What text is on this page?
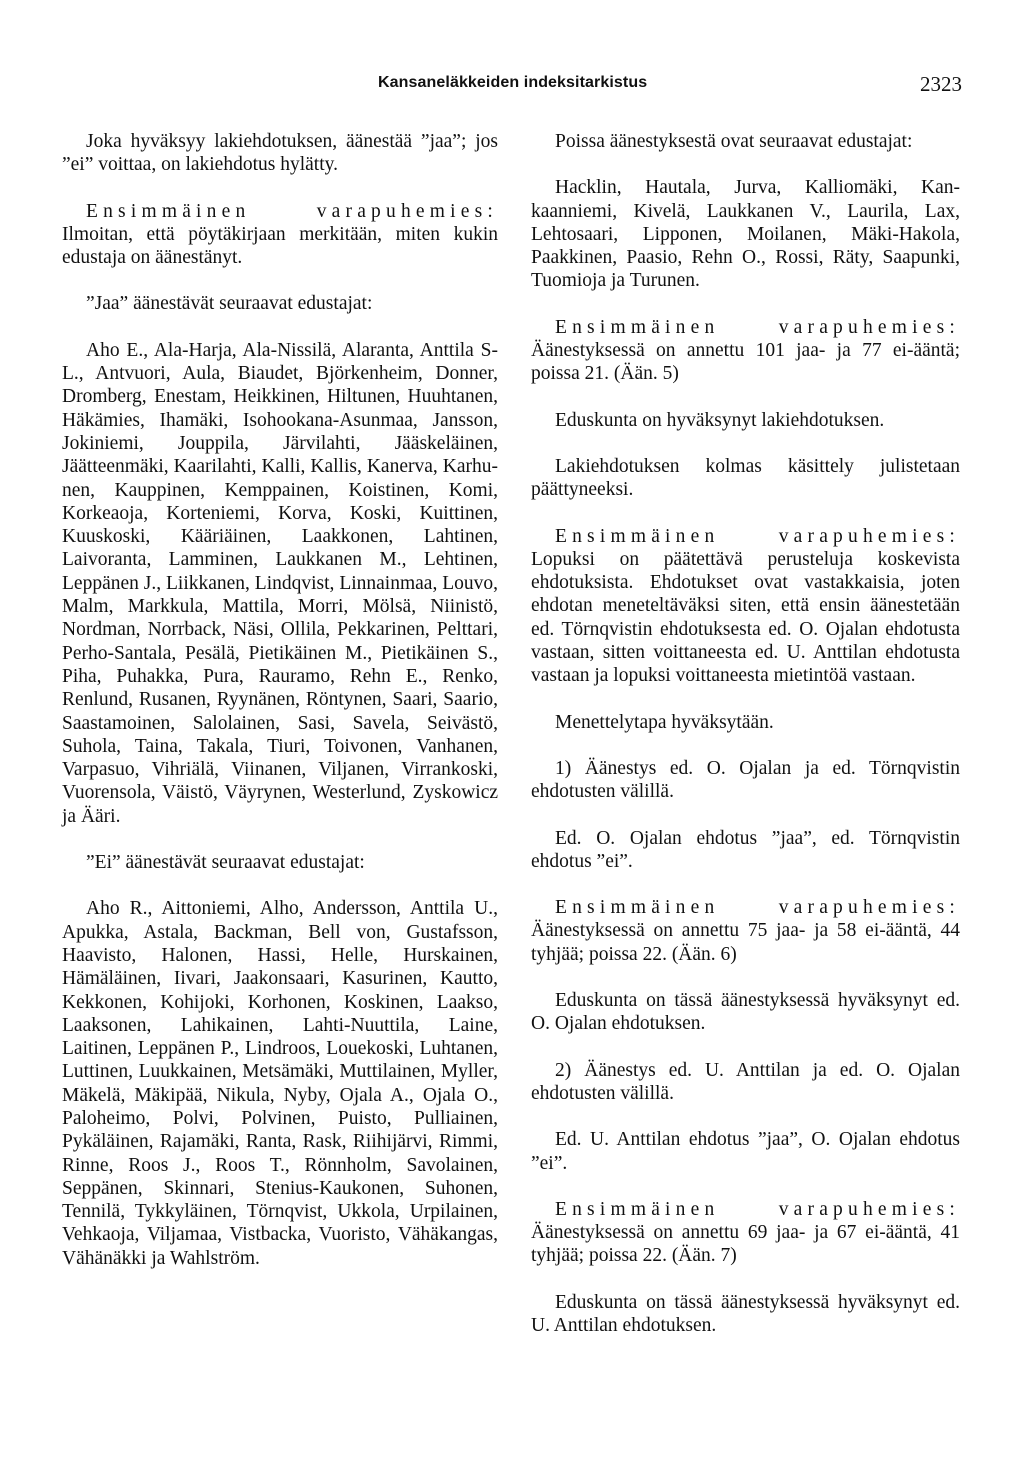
Kansaneläkkeiden indeksitarkistus	2323

Joka hyväksyy lakiehdotuksen, äänestää ”jaa”; jos ”ei” voittaa, on lakiehdotus hylätty.

Ensimmäinen varapuhemies: Ilmoitan, että pöytäkirjaan merkitään, miten kukin edustaja on äänestänyt.

”Jaa” äänestävät seuraavat edustajat:

Aho E., Ala-Harja, Ala-Nissilä, Alaranta, Anttila S-L., Antvuori, Aula, Biaudet, Björkenheim, Donner, Dromberg, Enestam, Heikkinen, Hiltunen, Huuhtanen, Häkämies, Ihamäki, Isohookana-Asunmaa, Jansson, Jokiniemi, Jouppila, Järvilahti, Jääskeläinen, Jäätteenmäki, Kaarilahti, Kalli, Kallis, Kanerva, Karhunen, Kauppinen, Kemppainen, Koistinen, Komi, Korkeaoja, Korteniemi, Korva, Koski, Kuittinen, Kuuskoski, Kääriäinen, Laakkonen, Lahtinen, Laivoranta, Lamminen, Laukkanen M., Lehtinen, Leppänen J., Liikkanen, Lindqvist, Linnainmaa, Louvo, Malm, Markkula, Mattila, Morri, Mölsä, Niinistö, Nordman, Norrback, Näsi, Ollila, Pekkarinen, Pelttari, Perho-Santala, Pesälä, Pietikäinen M., Pietikäinen S., Piha, Puhakka, Pura, Rauramo, Rehn E., Renko, Renlund, Rusanen, Ryynänen, Röntynen, Saari, Saario, Saastamoinen, Salolainen, Sasi, Savela, Seivästö, Suhola, Taina, Takala, Tiuri, Toivonen, Vanhanen, Varpasuo, Vihriälä, Viinanen, Viljanen, Virrankoski, Vuorensola, Väistö, Väyrynen, Westerlund, Zyskowicz ja Ääri.

”Ei” äänestävät seuraavat edustajat:

Aho R., Aittoniemi, Alho, Andersson, Anttila U., Apukka, Astala, Backman, Bell von, Gustafsson, Haavisto, Halonen, Hassi, Helle, Hurskainen, Hämäläinen, Iivari, Jaakonsaari, Kasurinen, Kautto, Kekkonen, Kohijoki, Korhonen, Koskinen, Laakso, Laaksonen, Lahikainen, Lahti-Nuuttila, Laine, Laitinen, Leppänen P., Lindroos, Louekoski, Luhtanen, Luttinen, Luukkainen, Metsämäki, Muttilainen, Myller, Mäkelä, Mäkipää, Nikula, Nyby, Ojala A., Ojala O., Paloheimo, Polvi, Polvinen, Puisto, Pulliainen, Pykäläinen, Rajamäki, Ranta, Rask, Riihijärvi, Rimmi, Rinne, Roos J., Roos T., Rönnholm, Savolainen, Seppänen, Skinnari, Stenius-Kaukonen, Suhonen, Tennilä, Tykkyläinen, Törnqvist, Ukkola, Urpilainen, Vehkaoja, Viljamaa, Vistbacka, Vuoristo, Vähäkangas, Vähänäkki ja Wahlström.

Poissa äänestyksestä ovat seuraavat edustajat:

Hacklin, Hautala, Jurva, Kalliomäki, Kankaanniemi, Kivelä, Laukkanen V., Laurila, Lax, Lehtosaari, Lipponen, Moilanen, Mäki-Hakola, Paakkinen, Paasio, Rehn O., Rossi, Räty, Saapunki, Tuomioja ja Turunen.

Ensimmäinen varapuhemies: Äänestyksessä on annettu 101 jaa- ja 77 ei-ääntä; poissa 21. (Ään. 5)

Eduskunta on hyväksynyt lakiehdotuksen.

Lakiehdotuksen kolmas käsittely julistetaan päättyneeksi.

Ensimmäinen varapuhemies: Lopuksi on päätettävä perusteluja koskevista ehdotuksista. Ehdotukset ovat vastakkaisia, joten ehdotan meneteltäväksi siten, että ensin äänestetään ed. Törnqvistin ehdotuksesta ed. O. Ojalan ehdotusta vastaan, sitten voittaneesta ed. U. Anttilan ehdotusta vastaan ja lopuksi voittaneesta mietintöä vastaan.

Menettelytapa hyväksytään.

1) Äänestys ed. O. Ojalan ja ed. Törnqvistin ehdotusten välillä.

Ed. O. Ojalan ehdotus ”jaa”, ed. Törnqvistin ehdotus ”ei”.

Ensimmäinen varapuhemies: Äänestyksessä on annettu 75 jaa- ja 58 ei-ääntä, 44 tyhjää; poissa 22. (Ään. 6)

Eduskunta on tässä äänestyksessä hyväksynyt ed. O. Ojalan ehdotuksen.

2) Äänestys ed. U. Anttilan ja ed. O. Ojalan ehdotusten välillä.

Ed. U. Anttilan ehdotus ”jaa”, O. Ojalan ehdotus ”ei”.

Ensimmäinen varapuhemies: Äänestyksessä on annettu 69 jaa- ja 67 ei-ääntä, 41 tyhjää; poissa 22. (Ään. 7)

Eduskunta on tässä äänestyksessä hyväksynyt ed. U. Anttilan ehdotuksen.
